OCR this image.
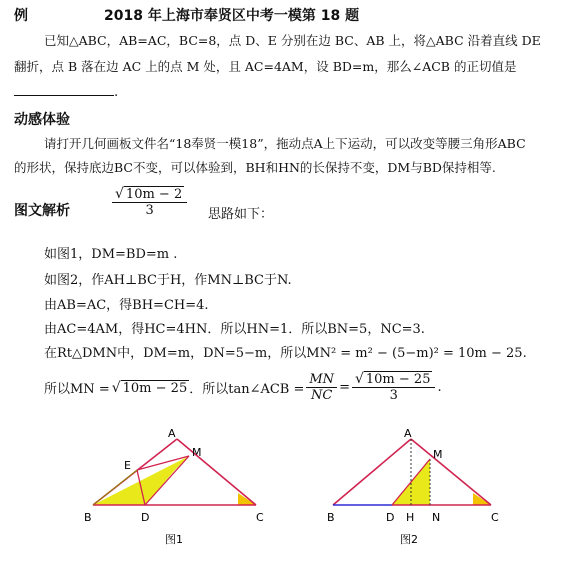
例	2018 年上海市奉贤区中考一模第 18 题
已知△ABC，AB=AC，BC=8，点 D、E 分别在边 BC、AB 上，将△ABC 沿着直线 DE
翻折，点 B 落在边 AC 上的点 M 处，且 AC=4AM，设 BD=m，那么∠ACB 的正切值是
.
动感体验
请打开几何画板文件名“18奉贤一模18”，拖动点A上下运动，可以改变等腰三角形ABC
的形状，保持底边BC不变，可以体验到，BH和HN的长保持不变，DM与BD保持相等.
图文解析	$\frac{√ 10m - 2}{3}$ 思路如下：
如图1，DM=BD=m .
如图2，作AH⊥BC于H，作MN⊥BC于N.
由AB=AC，得BH=CH=4.
由AC=4AM，得HC=4HN．所以HN=1．所以BN=5，NC=3.
在Rt△DMN中，DM=m，DN=5−m，所以MN² = m² − (5−m)² = 10m − 25.
所以MN = √ 10m − 25 ．所以tan∠ACB = $\frac{MN}{NC} = \frac{√ 10m - 25}{3}$ .
A
B	C
D
E
M
图1
A
B	C
D H N
M
图2
